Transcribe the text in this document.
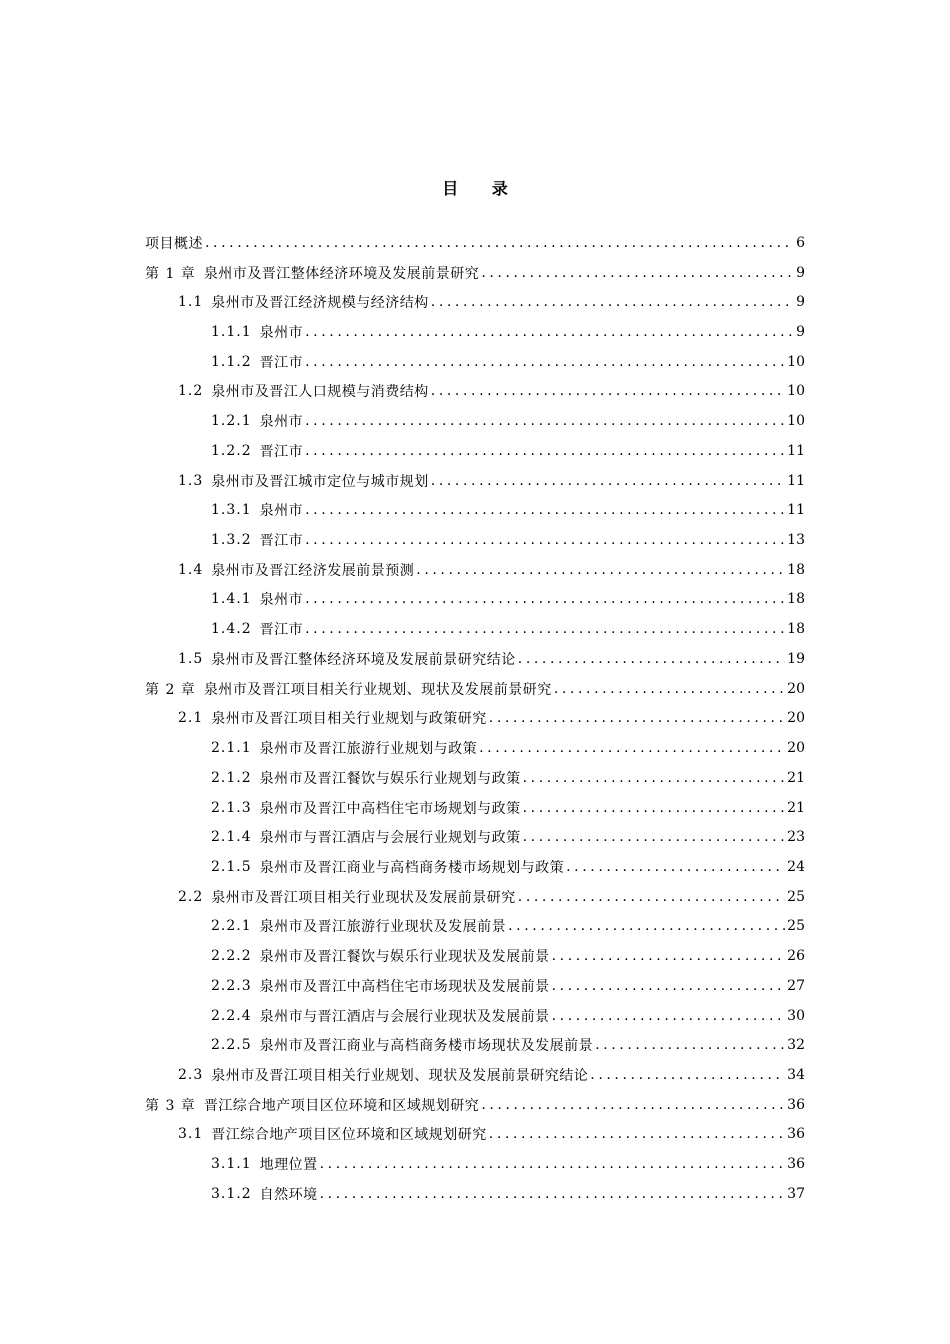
目 录
项目概述 .....	6
第 1 章 泉州市及晋江整体经济环境及发展前景研究 .....	9
1.1 泉州市及晋江经济规模与经济结构 .....	9
1.1.1 泉州市 .....	9
1.1.2 晋江市 .....	10
1.2 泉州市及晋江人口规模与消费结构 .....	10
1.2.1 泉州市 .....	10
1.2.2 晋江市 .....	11
1.3 泉州市及晋江城市定位与城市规划 .....	11
1.3.1 泉州市 .....	11
1.3.2 晋江市 .....	13
1.4 泉州市及晋江经济发展前景预测 .....	18
1.4.1 泉州市 .....	18
1.4.2 晋江市 .....	18
1.5 泉州市及晋江整体经济环境及发展前景研究结论 .....	19
第 2 章 泉州市及晋江项目相关行业规划、现状及发展前景研究 .....	20
2.1 泉州市及晋江项目相关行业规划与政策研究 .....	20
2.1.1 泉州市及晋江旅游行业规划与政策 .....	20
2.1.2 泉州市及晋江餐饮与娱乐行业规划与政策 .....	21
2.1.3 泉州市及晋江中高档住宅市场规划与政策 .....	21
2.1.4 泉州市与晋江酒店与会展行业规划与政策 .....	23
2.1.5 泉州市及晋江商业与高档商务楼市场规划与政策 .....	24
2.2 泉州市及晋江项目相关行业现状及发展前景研究 .....	25
2.2.1 泉州市及晋江旅游行业现状及发展前景 .....	25
2.2.2 泉州市及晋江餐饮与娱乐行业现状及发展前景 .....	26
2.2.3 泉州市及晋江中高档住宅市场现状及发展前景 .....	27
2.2.4 泉州市与晋江酒店与会展行业现状及发展前景 .....	30
2.2.5 泉州市及晋江商业与高档商务楼市场现状及发展前景 .....	32
2.3 泉州市及晋江项目相关行业规划、现状及发展前景研究结论 .....	34
第 3 章 晋江综合地产项目区位环境和区域规划研究 .....	36
3.1 晋江综合地产项目区位环境和区域规划研究 .....	36
3.1.1 地理位置 .....	36
3.1.2 自然环境 .....	37
